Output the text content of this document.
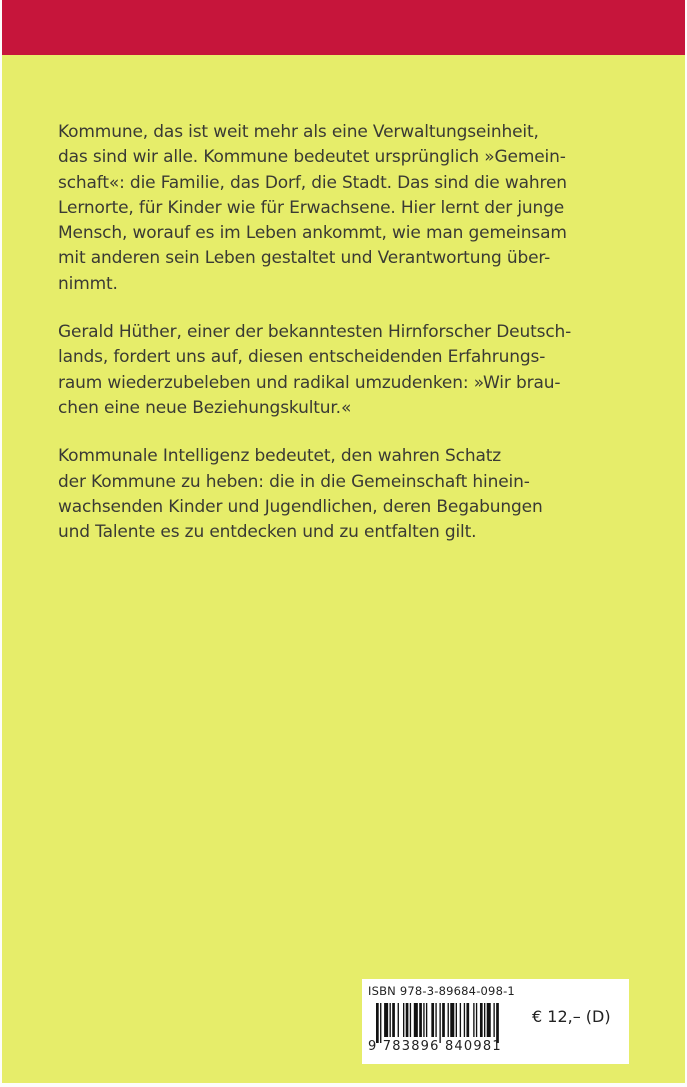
Kommune, das ist weit mehr als eine Verwaltungseinheit,
das sind wir alle. Kommune bedeutet ursprünglich »Gemein-
schaft«: die Familie, das Dorf, die Stadt. Das sind die wahren
Lernorte, für Kinder wie für Erwachsene. Hier lernt der junge
Mensch, worauf es im Leben ankommt, wie man gemeinsam
mit anderen sein Leben gestaltet und Verantwortung über-
nimmt.
Gerald Hüther, einer der bekanntesten Hirnforscher Deutsch-
lands, fordert uns auf, diesen entscheidenden Erfahrungs-
raum wiederzubeleben und radikal umzudenken: »Wir brau-
chen eine neue Beziehungskultur.«
Kommunale Intelligenz bedeutet, den wahren Schatz
der Kommune zu heben: die in die Gemeinschaft hinein-
wachsenden Kinder und Jugendlichen, deren Begabungen
und Talente es zu entdecken und zu entfalten gilt.
ISBN 978-3-89684-098-1
€ 12,– (D)
9 783896 840981
